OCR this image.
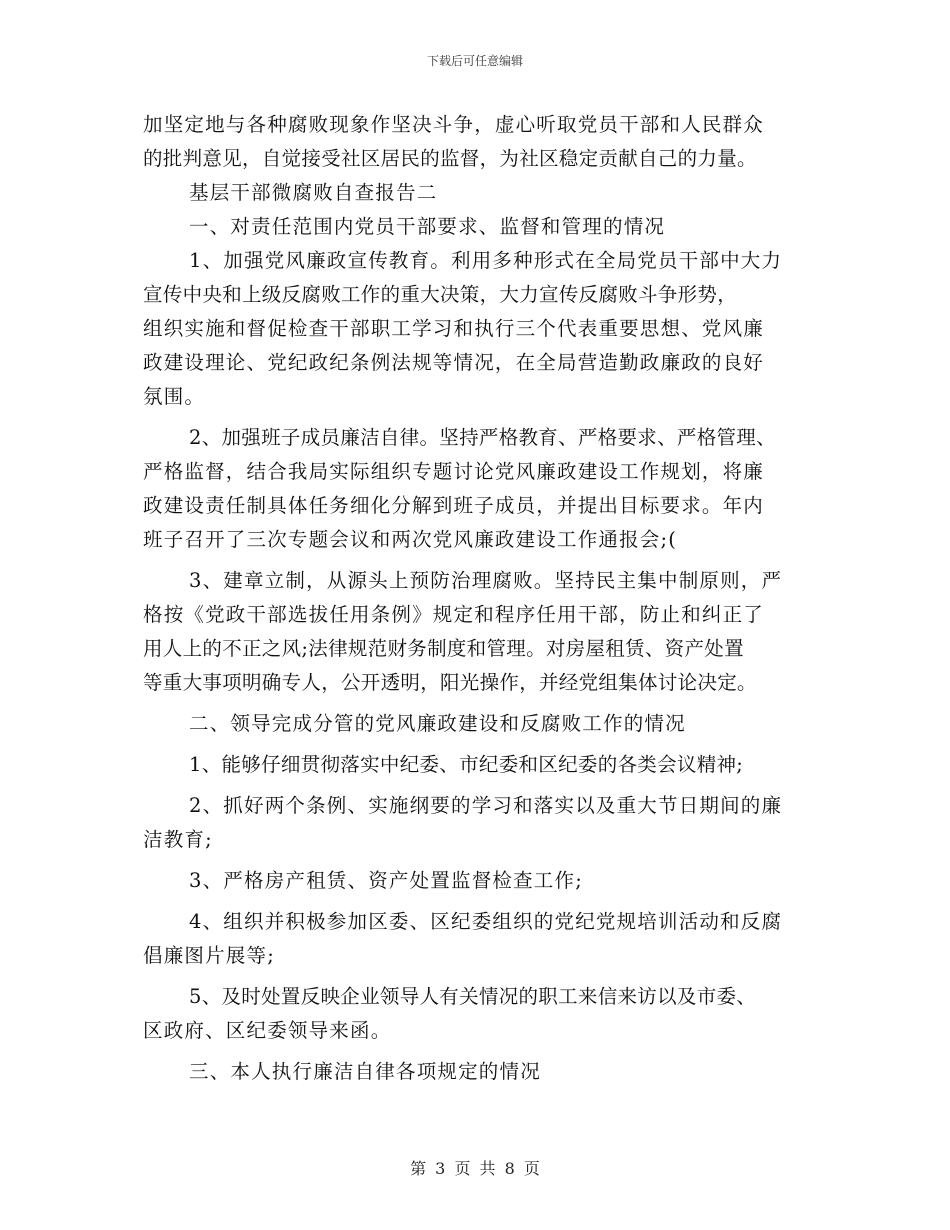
下载后可任意编辑
加坚定地与各种腐败现象作坚决斗争，虚心听取党员干部和人民群众
的批判意见，自觉接受社区居民的监督，为社区稳定贡献自己的力量。
基层干部微腐败自查报告二
一、对责任范围内党员干部要求、监督和管理的情况
1、加强党风廉政宣传教育。利用多种形式在全局党员干部中大力
宣传中央和上级反腐败工作的重大决策，大力宣传反腐败斗争形势，
组织实施和督促检查干部职工学习和执行三个代表重要思想、党风廉
政建设理论、党纪政纪条例法规等情况，在全局营造勤政廉政的良好
氛围。
2、加强班子成员廉洁自律。坚持严格教育、严格要求、严格管理、
严格监督，结合我局实际组织专题讨论党风廉政建设工作规划，将廉
政建设责任制具体任务细化分解到班子成员，并提出目标要求。年内
班子召开了三次专题会议和两次党风廉政建设工作通报会;(
3、建章立制，从源头上预防治理腐败。坚持民主集中制原则，严
格按《党政干部选拔任用条例》规定和程序任用干部，防止和纠正了
用人上的不正之风;法律规范财务制度和管理。对房屋租赁、资产处置
等重大事项明确专人，公开透明，阳光操作，并经党组集体讨论决定。
二、领导完成分管的党风廉政建设和反腐败工作的情况
1、能够仔细贯彻落实中纪委、市纪委和区纪委的各类会议精神;
2、抓好两个条例、实施纲要的学习和落实以及重大节日期间的廉
洁教育;
3、严格房产租赁、资产处置监督检查工作;
4、组织并积极参加区委、区纪委组织的党纪党规培训活动和反腐
倡廉图片展等;
5、及时处置反映企业领导人有关情况的职工来信来访以及市委、
区政府、区纪委领导来函。
三、本人执行廉洁自律各项规定的情况
第 3 页 共 8 页
